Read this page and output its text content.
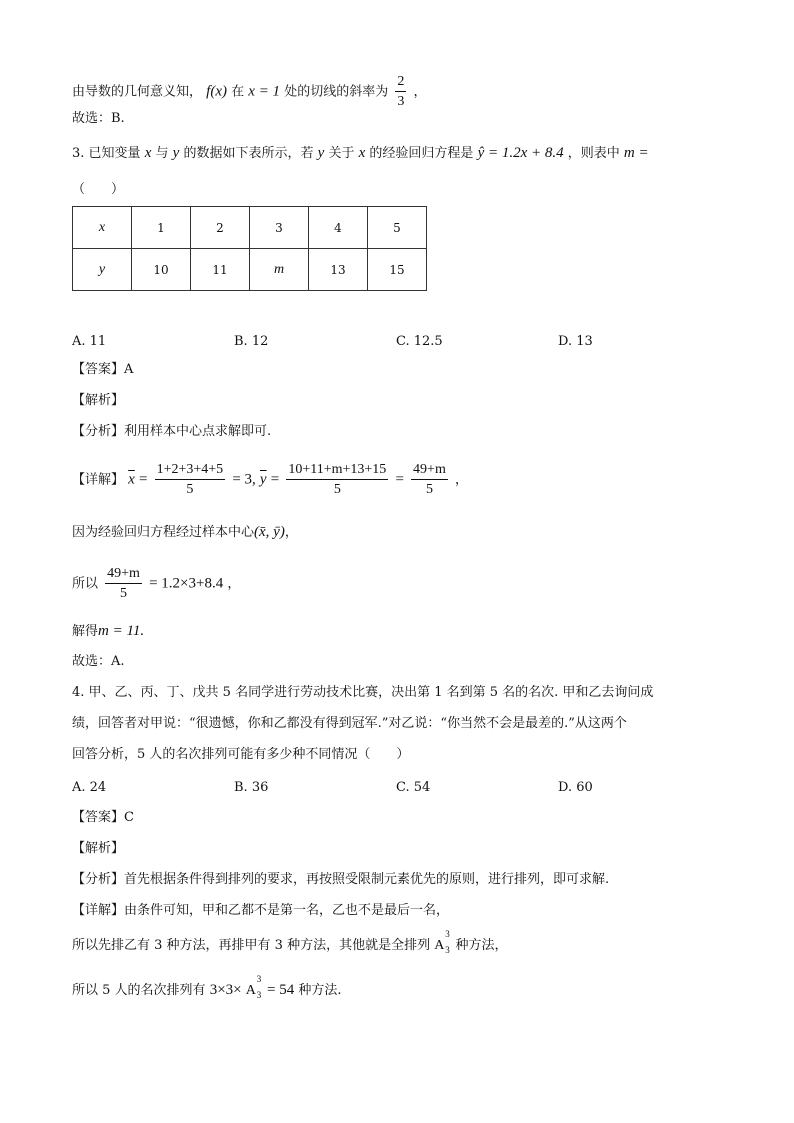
由导数的几何意义知， f(x) 在 x = 1 处的切线的斜率为 $\frac{2}{3}$ ，
故选：B.
3. 已知变量 x 与 y 的数据如下表所示，若 y 关于 x 的经验回归方程是 ŷ = 1.2x + 8.4 ，则表中 m =
（　　）
x	1	2	3	4	5
y	10	11	m	13	15
A. 11	B. 12	C. 12.5	D. 13
【答案】A
【解析】
【分析】利用样本中心点求解即可.
【详解】 $\overline{x} = \frac{1+2+3+4+5}{5} = 3$, $\overline{y} = \frac{10+11+m+13+15}{5} = \frac{49+m}{5}$ ，
因为经验回归方程经过样本中心(x̄, ȳ)，
所以 $\frac{49+m}{5} = 1.2\times 3+8.4$ ，
解得m = 11.
故选：A.
4. 甲、乙、丙、丁、戊共 5 名同学进行劳动技术比赛，决出第 1 名到第 5 名的名次. 甲和乙去询问成
绩，回答者对甲说：“很遗憾，你和乙都没有得到冠军.”对乙说：“你当然不会是最差的.”从这两个
回答分析，5 人的名次排列可能有多少种不同情况（　　）
A. 24	B. 36	C. 54	D. 60
【答案】C
【解析】
【分析】首先根据条件得到排列的要求，再按照受限制元素优先的原则，进行排列，即可求解.
【详解】由条件可知，甲和乙都不是第一名，乙也不是最后一名，
所以先排乙有 3 种方法，再排甲有 3 种方法，其他就是全排列 A
3
3 种方法，
所以 5 人的名次排列有 3×3× A
3
3 = 54 种方法.
